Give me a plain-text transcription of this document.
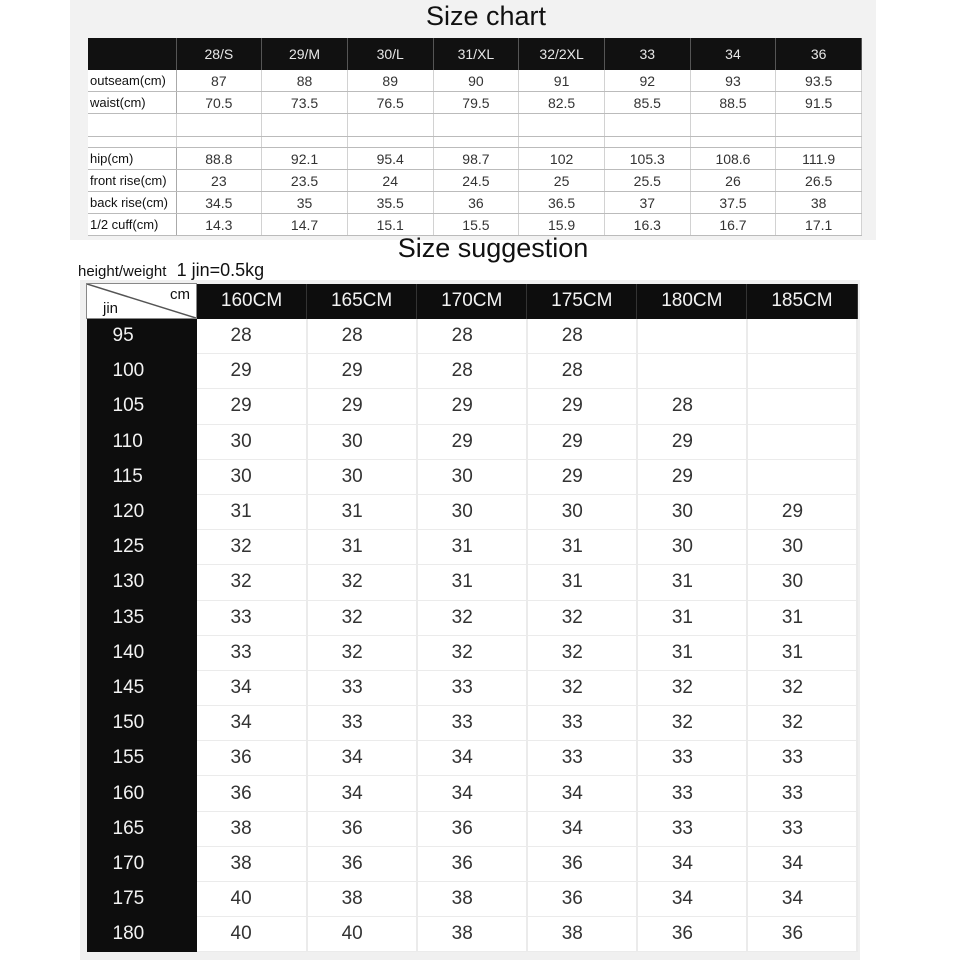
Size chart
	28/S	29/M	30/L	31/XL	32/2XL	33	34	36
outseam(cm)	87	88	89	90	91	92	93	93.5
waist(cm)	70.5	73.5	76.5	79.5	82.5	85.5	88.5	91.5

hip(cm)	88.8	92.1	95.4	98.7	102	105.3	108.6	111.9
front rise(cm)	23	23.5	24	24.5	25	25.5	26	26.5
back rise(cm)	34.5	35	35.5	36	36.5	37	37.5	38
1/2 cuff(cm)	14.3	14.7	15.1	15.5	15.9	16.3	16.7	17.1
Size suggestion
height/weight 1 jin=0.5kg
cm
jin	160CM	165CM	170CM	175CM	180CM	185CM
95	28	28	28	28		
100	29	29	28	28		
105	29	29	29	29	28	
110	30	30	29	29	29	
115	30	30	30	29	29	
120	31	31	30	30	30	29
125	32	31	31	31	30	30
130	32	32	31	31	31	30
135	33	32	32	32	31	31
140	33	32	32	32	31	31
145	34	33	33	32	32	32
150	34	33	33	33	32	32
155	36	34	34	33	33	33
160	36	34	34	34	33	33
165	38	36	36	34	33	33
170	38	36	36	36	34	34
175	40	38	38	36	34	34
180	40	40	38	38	36	36
